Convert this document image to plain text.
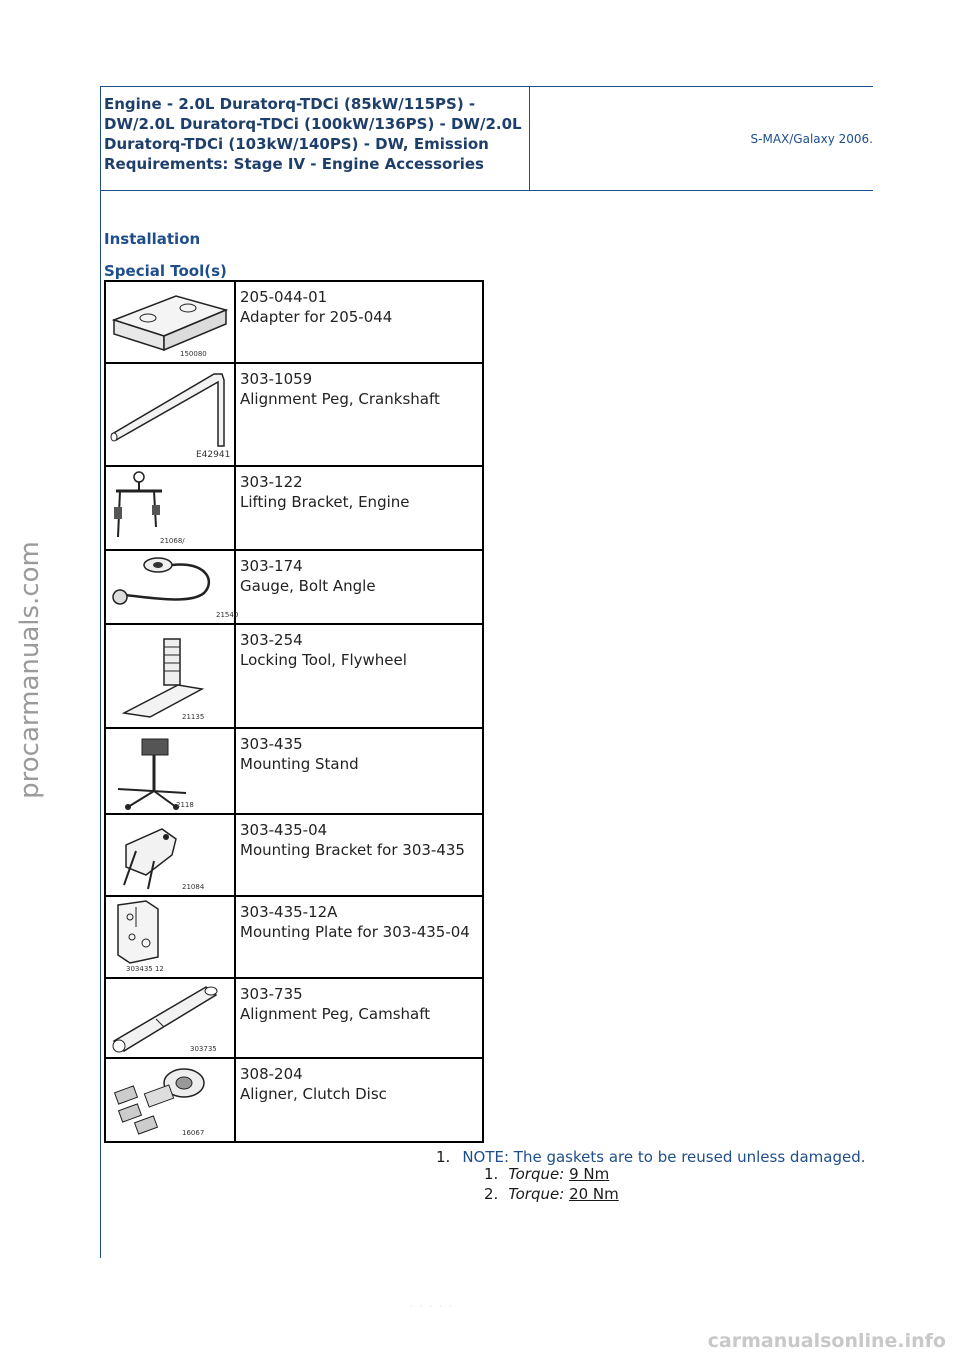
Engine - 2.0L Duratorq-TDCi (85kW/115PS) - DW/2.0L Duratorq-TDCi (100kW/136PS) - DW/2.0L Duratorq-TDCi (103kW/140PS) - DW, Emission Requirements: Stage IV - Engine Accessories
S-MAX/Galaxy 2006.
Installation
Special Tool(s)
150080	205-044-01
Adapter for 205-044

E42941	303-1059
Alignment Peg, Crankshaft

21068/	303-122
Lifting Bracket, Engine

21540	303-174
Gauge, Bolt Angle

21135	303-254
Locking Tool, Flywheel

2118	303-435
Mounting Stand

21084	303-435-04
Mounting Bracket for 303-435

303435 12	303-435-12A
Mounting Plate for 303-435-04

303735	303-735
Alignment Peg, Camshaft

16067	308-204
Aligner, Clutch Disc
1. NOTE: The gaskets are to be reused unless damaged.
1. Torque: 9 Nm
2. Torque: 20 Nm
procarmanuals.com
· · · · ·
carmanualsonline.info
